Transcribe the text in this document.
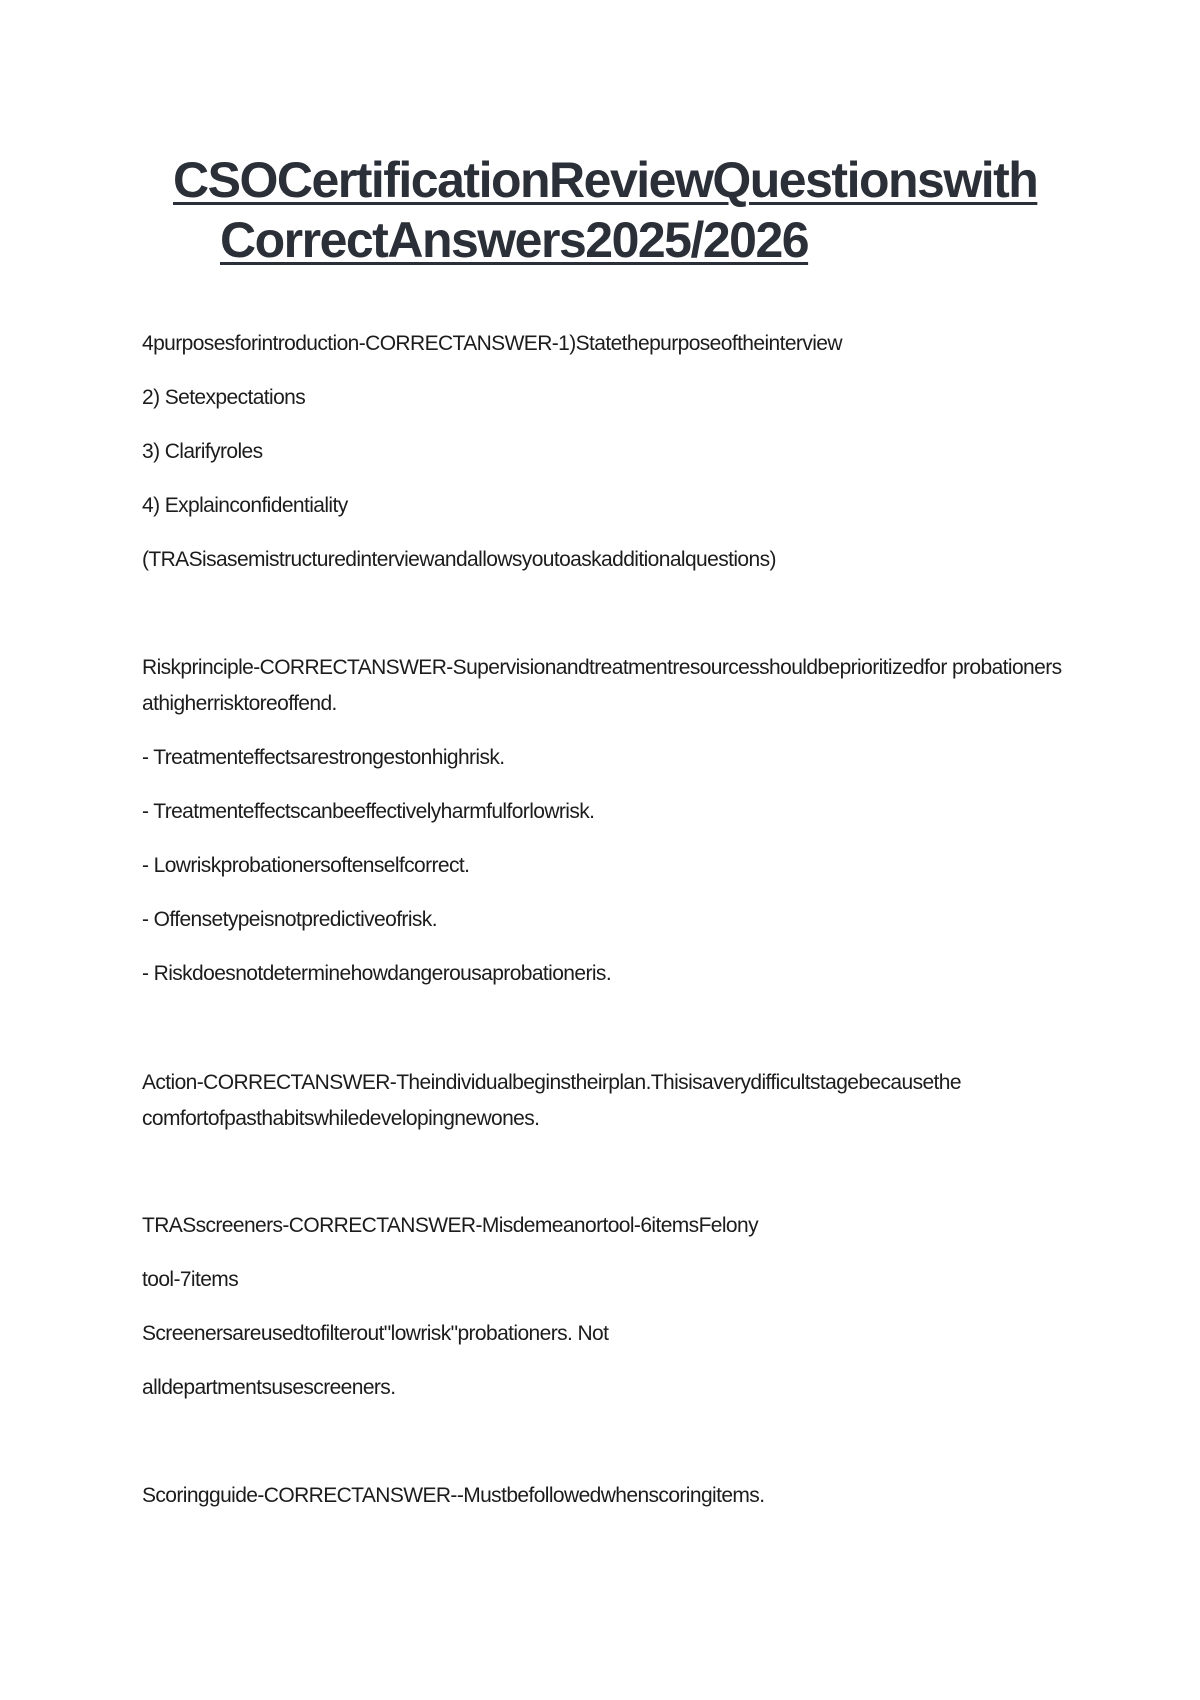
CSOCertificationReviewQuestionswith
CorrectAnswers2025/2026
4purposesforintroduction-CORRECTANSWER-1)Statethepurposeoftheinterview
2) Setexpectations
3) Clarifyroles
4) Explainconfidentiality
(TRASisasemistructuredinterviewandallowsyoutoaskadditionalquestions)

Riskprinciple-CORRECTANSWER-Supervisionandtreatmentresourcesshouldbeprioritizedfor probationers athigherrisktoreoffend.

- Treatmenteffectsarestrongestonhighrisk.
- Treatmenteffectscanbeeffectivelyharmfulforlowrisk.
- Lowriskprobationersoftenselfcorrect.
- Offensetypeisnotpredictiveofrisk.
- Riskdoesnotdeterminehowdangerousaprobationeris.

Action-CORRECTANSWER-Theindividualbeginstheirplan.Thisisaverydifficultstagebecausethe comfortofpasthabitswhiledevelopingnewones.

TRASscreeners-CORRECTANSWER-Misdemeanortool-6itemsFelony
tool-7items
Screenersareusedtofilterout"lowrisk"probationers. Not
alldepartmentsusescreeners.
Scoringguide-CORRECTANSWER--Mustbefollowedwhenscoringitems.
